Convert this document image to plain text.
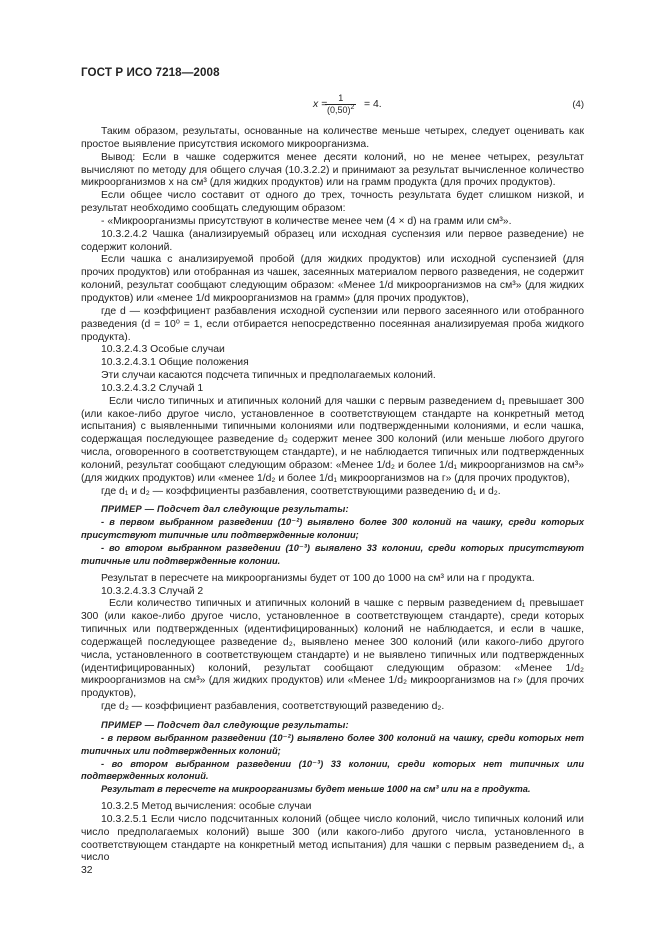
ГОСТ Р ИСО 7218—2008
x =
$\frac{1}{(0,50)^2} = 4$.	(4)

Таким образом, результаты, основанные на количестве меньше четырех, следует оценивать как простое выявление присутствия искомого микроорганизма.

Вывод: Если в чашке содержится менее десяти колоний, но не менее четырех, результат вычисляют по методу для общего случая (10.3.2.2) и принимают за результат вычисленное количество микроорганизмов x на см³ (для жидких продуктов) или на грамм продукта (для прочих продуктов).

Если общее число составит от одного до трех, точность результата будет слишком низкой, и результат необходимо сообщать следующим образом:

- «Микроорганизмы присутствуют в количестве менее чем (4 × d) на грамм или см³».

10.3.2.4.2 Чашка (анализируемый образец или исходная суспензия или первое разведение) не содержит колоний.

Если чашка с анализируемой пробой (для жидких продуктов) или исходной суспензией (для прочих продуктов) или отобранная из чашек, засеянных материалом первого разведения, не содержит колоний, результат сообщают следующим образом: «Менее 1/d микроорганизмов на см³» (для жидких продуктов) или «менее 1/d микроорганизмов на грамм» (для прочих продуктов),

где d — коэффициент разбавления исходной суспензии или первого засеянного или отобранного разведения (d = 10⁰ = 1, если отбирается непосредственно посеянная анализируемая проба жидкого продукта).

10.3.2.4.3 Особые случаи

10.3.2.4.3.1 Общие положения

Эти случаи касаются подсчета типичных и предполагаемых колоний.

10.3.2.4.3.2 Случай 1

Если число типичных и атипичных колоний для чашки с первым разведением d₁ превышает 300 (или какое-либо другое число, установленное в соответствующем стандарте на конкретный метод испытания) с выявленными типичными колониями или подтвержденными колониями, и если чашка, содержащая последующее разведение d₂ содержит менее 300 колоний (или меньше любого другого числа, оговоренного в соответствующем стандарте), и не наблюдается типичных или подтвержденных колоний, результат сообщают следующим образом: «Менее 1/d₂ и более 1/d₁ микроорганизмов на см³» (для жидких продуктов) или «менее 1/d₂ и более 1/d₁ микроорганизмов на г» (для прочих продуктов),

где d₁ и d₂ — коэффициенты разбавления, соответствующими разведению d₁ и d₂.

ПРИМЕР — Подсчет дал следующие результаты:

- в первом выбранном разведении (10⁻²) выявлено более 300 колоний на чашку, среди которых присутствуют типичные или подтвержденные колонии;

- во втором выбранном разведении (10⁻³) выявлено 33 колонии, среди которых присутствуют типичные или подтвержденные колонии.

Результат в пересчете на микроорганизмы будет от 100 до 1000 на см³ или на г продукта.

10.3.2.4.3.3 Случай 2

Если количество типичных и атипичных колоний в чашке с первым разведением d₁ превышает 300 (или какое-либо другое число, установленное в соответствующем стандарте), среди которых типичных или подтвержденных (идентифицированных) колоний не наблюдается, и если в чашке, содержащей последующее разведение d₂, выявлено менее 300 колоний (или какого-либо другого числа, установленного в соответствующем стандарте) и не выявлено типичных или подтвержденных (идентифицированных) колоний, результат сообщают следующим образом: «Менее 1/d₂ микроорганизмов на см³» (для жидких продуктов) или «Менее 1/d₂ микроорганизмов на г» (для прочих продуктов),

где d₂ — коэффициент разбавления, соответствующий разведению d₂.

ПРИМЕР — Подсчет дал следующие результаты:

- в первом выбранном разведении (10⁻²) выявлено более 300 колоний на чашку, среди которых нет типичных или подтвержденных колоний;

- во втором выбранном разведении (10⁻³) 33 колонии, среди которых нет типичных или подтвержденных колоний.

Результат в пересчете на микроорганизмы будет меньше 1000 на см³ или на г продукта.

10.3.2.5 Метод вычисления: особые случаи

10.3.2.5.1 Если число подсчитанных колоний (общее число колоний, число типичных колоний или число предполагаемых колоний) выше 300 (или какого-либо другого числа, установленного в соответствующем стандарте на конкретный метод испытания) для чашки с первым разведением d₁, а число

32
